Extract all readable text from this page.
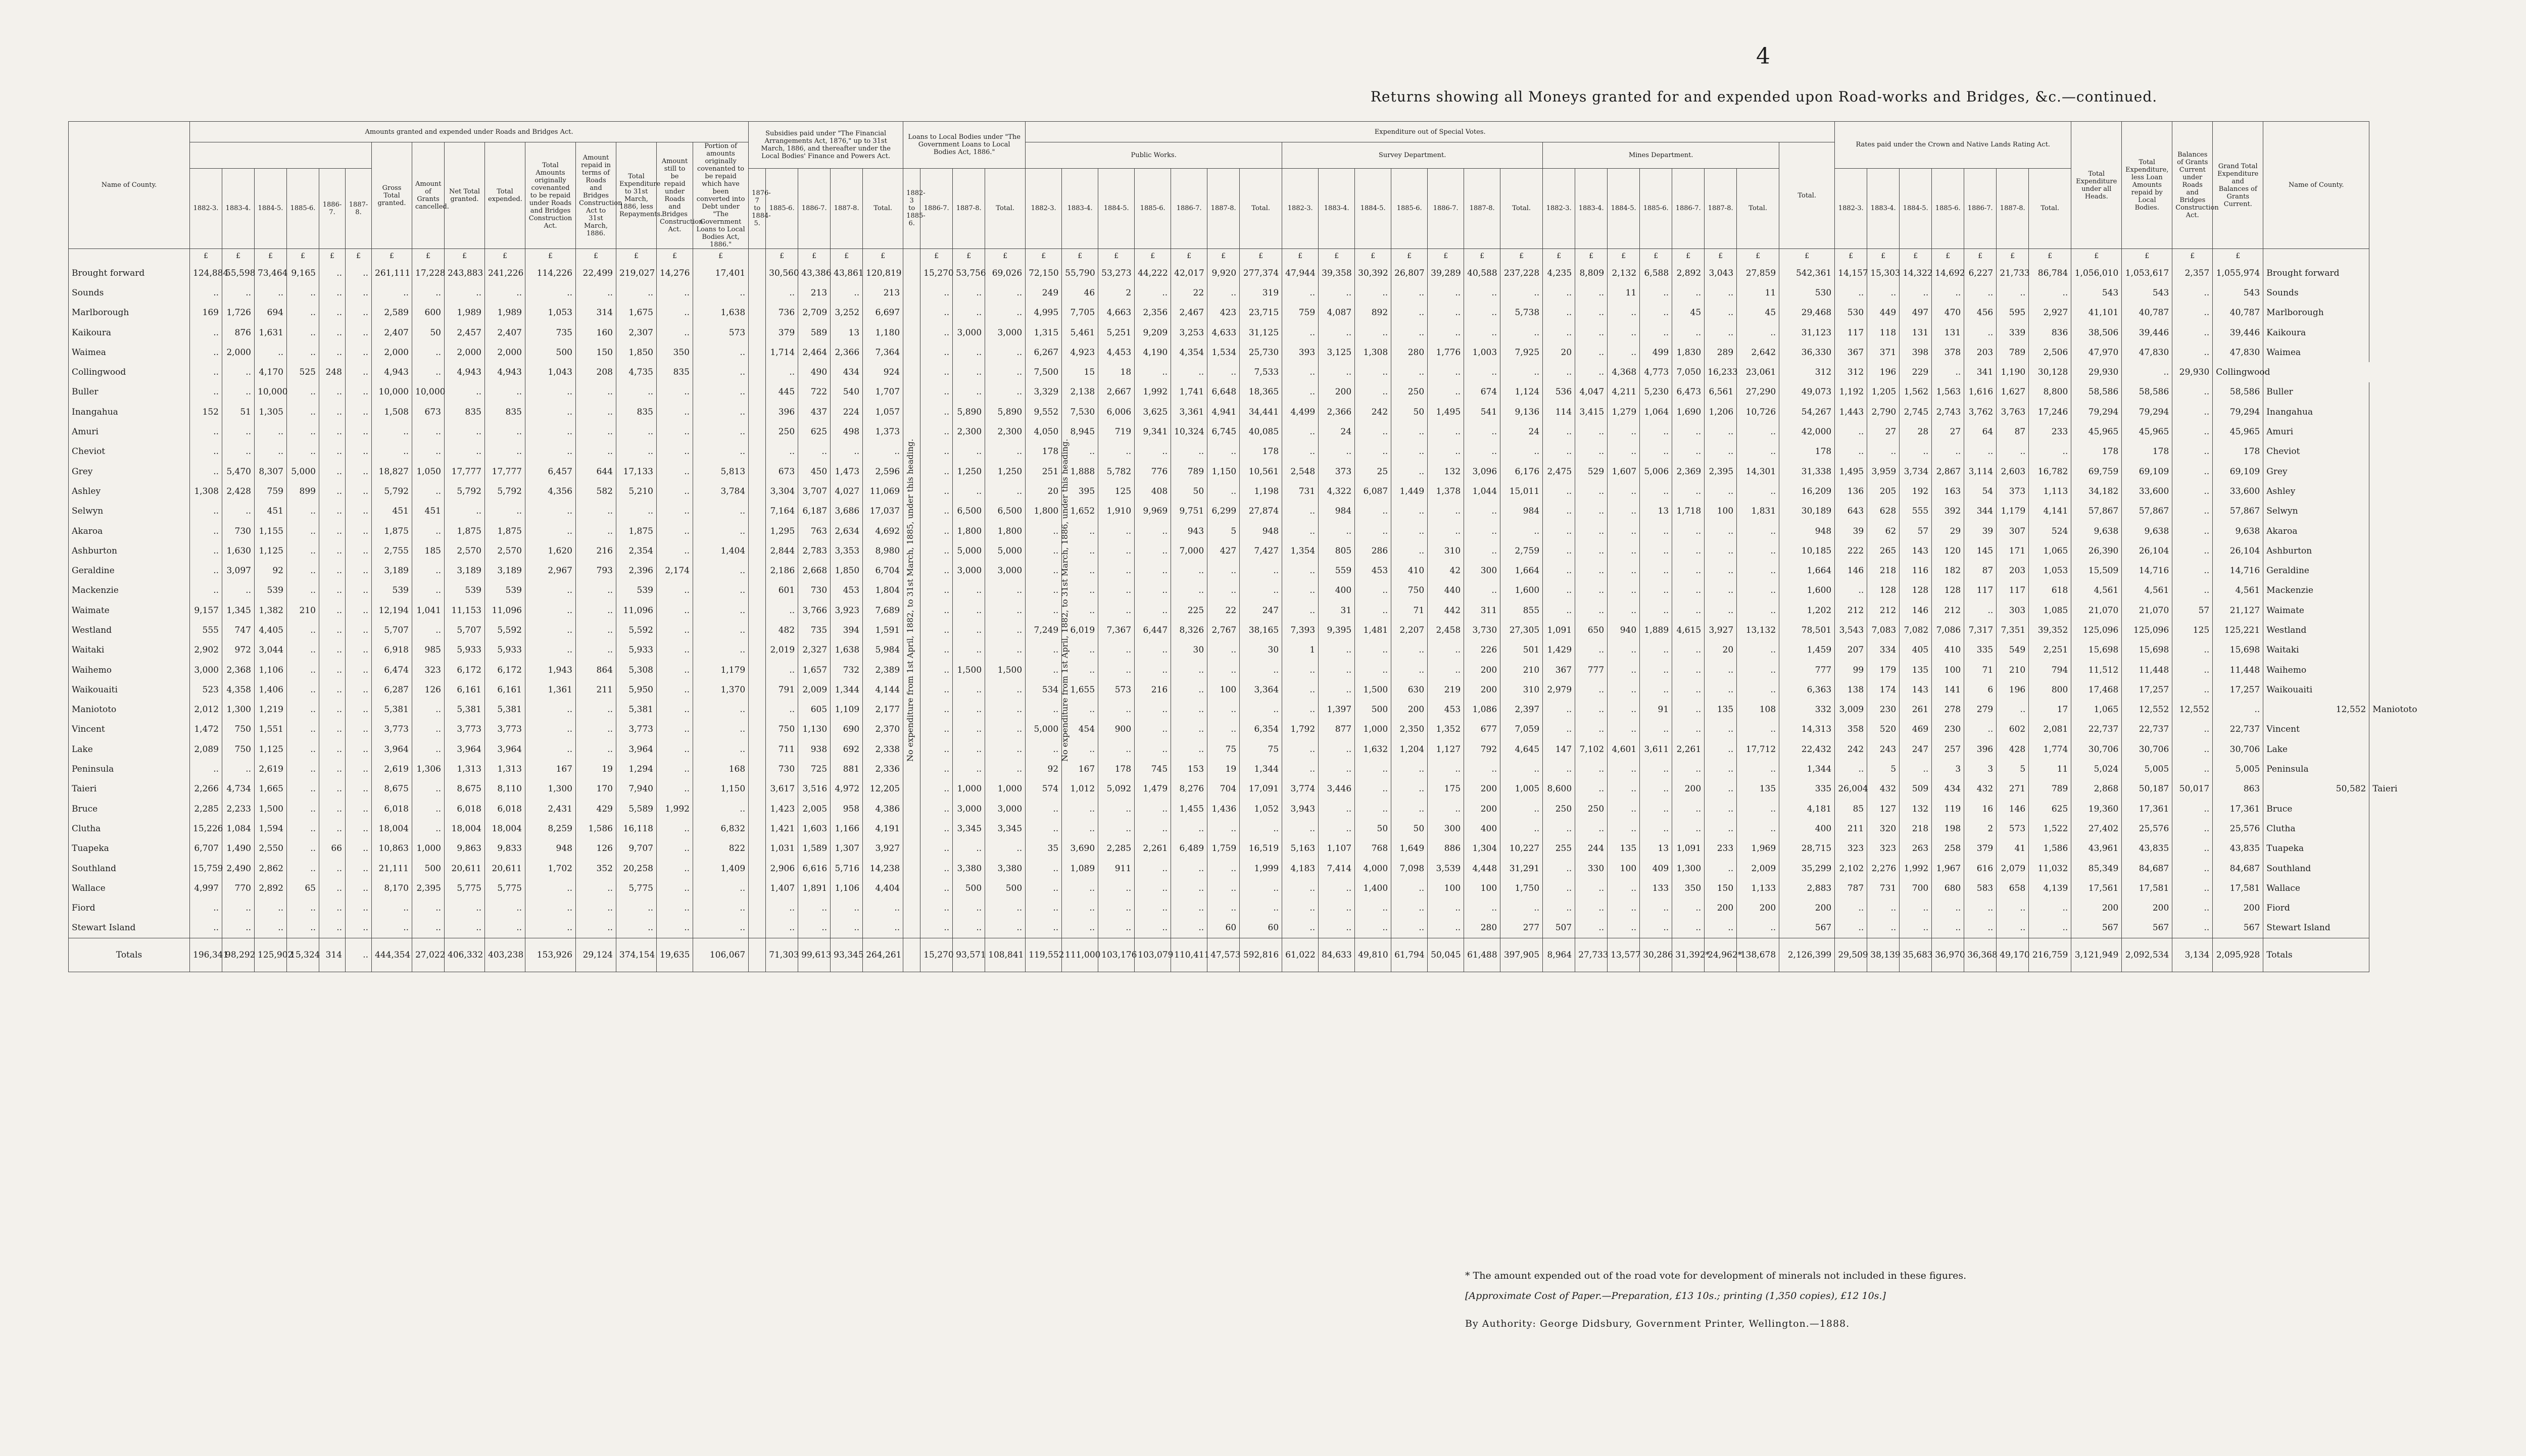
4
Returns showing all Moneys granted for and expended upon Road-works and Bridges, &c.—continued.
Name of County.	Amounts granted and expended under Roads and Bridges Act.															Subsidies paid under "The Financial Arrangements Act, 1876," up to 31st March, 1886, and thereafter under the Local Bodies' Finance and Powers Act.					Loans to Local Bodies under "The Government Loans to Local Bodies Act, 1886."				Expenditure out of Special Votes.																						Rates paid under the Crown and Native Lands Rating Act.							Total Expenditure under all Heads.	Total Expenditure, less Loan Amounts repaid by Local Bodies.	Balances of Grants Current under Roads and Bridges Construction Act.	Grand Total Expenditure and Balances of Grants Current.	Name of County.	
							Gross Total granted.	Amount of Grants cancelled.	Net Total granted.	Total expended.	Total Amounts originally covenanted to be repaid under Roads and Bridges Construction Act.	Amount repaid in terms of Roads and Bridges Construction Act to 31st March, 1886.	Total Expenditure to 31st March, 1886, less Repayments.	Amount still to be repaid under Roads and Bridges Construction Act.	Portion of amounts originally covenanted to be repaid which have been converted into Debt under "The Government Loans to Local Bodies Act, 1886."										Public Works.							Survey Department.							Mines Department.							Total.													
	1882-3.	1883-4.	1884-5.	1885-6.	1886-7.	1887-8.										1876-7 to 1884-5.	1885-6.	1886-7.	1887-8.	Total.	1882-3 to 1885-6.	1886-7.	1887-8.	Total.	1882-3.	1883-4.	1884-5.	1885-6.	1886-7.	1887-8.	Total.	1882-3.	1883-4.	1884-5.	1885-6.	1886-7.	1887-8.	Total.	1882-3.	1883-4.	1884-5.	1885-6.	1886-7.	1887-8.	Total.		1882-3.	1883-4.	1884-5.	1885-6.	1886-7.	1887-8.	Total.						
	£	£	£	£	£	£	£	£	£	£	£	£	£	£	£		£	£	£	£		£	£	£	£	£	£	£	£	£	£	£	£	£	£	£	£	£	£	£	£	£	£	£	£	£	£	£	£	£	£	£	£	£	£	£	£		
Brought forward	124,884	55,598	73,464	9,165	..	..	261,111	17,228	243,883	241,226	114,226	22,499	219,027	14,276	17,401	No expenditure from 1st April, 1882, to 31st March, 1885, under this heading.	30,560	43,386	43,861	120,819	No expenditure from 1st April, 1882, to 31st March, 1886, under this heading.	15,270	53,756	69,026	72,150	55,790	53,273	44,222	42,017	9,920	277,374	47,944	39,358	30,392	26,807	39,289	40,588	237,228	4,235	8,809	2,132	6,588	2,892	3,043	27,859	542,361	14,157	15,303	14,322	14,692	6,227	21,733	86,784	1,056,010	1,053,617	2,357	1,055,974	Brought forward	
Sounds	..	..	..	..	..	..	..	..	..	..	..	..	..	..	..		..	213	..	213		..	..	..	249	46	2	..	22	..	319	..	..	..	..	..	..	..	..	..	11	..	..	..	11	530	..	..	..	..	..	..	..	543	543	..	543	Sounds	
Marlborough	169	1,726	694	..	..	..	2,589	600	1,989	1,989	1,053	314	1,675	..	1,638		736	2,709	3,252	6,697		..	..	..	4,995	7,705	4,663	2,356	2,467	423	23,715	759	4,087	892	..	..	..	5,738	..	..	..	..	45	..	45	29,468	530	449	497	470	456	595	2,927	41,101	40,787	..	40,787	Marlborough	
Kaikoura	..	876	1,631	..	..	..	2,407	50	2,457	2,407	735	160	2,307	..	573		379	589	13	1,180		..	3,000	3,000	1,315	5,461	5,251	9,209	3,253	4,633	31,125	..	..	..	..	..	..	..	..	..	..	..	..	..	..	31,123	117	118	131	131	..	339	836	38,506	39,446	..	39,446	Kaikoura	
Waimea	..	2,000	..	..	..	..	2,000	..	2,000	2,000	500	150	1,850	350	..		1,714	2,464	2,366	7,364		..	..	..	6,267	4,923	4,453	4,190	4,354	1,534	25,730	393	3,125	1,308	280	1,776	1,003	7,925	20	..	..	499	1,830	289	2,642	36,330	367	371	398	378	203	789	2,506	47,970	47,830	..	47,830	Waimea	
Collingwood	..	..	4,170	525	248	..	4,943	..	4,943	4,943	1,043	208	4,735	835	..		..	490	434	924		..	..	..	7,500	15	18	..	..	..	7,533	..	..	..	..	..	..	..	..	..	4,368	4,773	7,050	16,233	23,061	312	312	196	229	..	341	1,190	30,128	29,930	..	29,930	Collingwood		
Buller	..	..	10,000	..	..	..	10,000	10,000	..	..	..	..	..	..	..		445	722	540	1,707		..	..	..	3,329	2,138	2,667	1,992	1,741	6,648	18,365	..	200	..	250	..	674	1,124	536	4,047	4,211	5,230	6,473	6,561	27,290	49,073	1,192	1,205	1,562	1,563	1,616	1,627	8,800	58,586	58,586	..	58,586	Buller	
Inangahua	152	51	1,305	..	..	..	1,508	673	835	835	..	..	835	..	..		396	437	224	1,057		..	5,890	5,890	9,552	7,530	6,006	3,625	3,361	4,941	34,441	4,499	2,366	242	50	1,495	541	9,136	114	3,415	1,279	1,064	1,690	1,206	10,726	54,267	1,443	2,790	2,745	2,743	3,762	3,763	17,246	79,294	79,294	..	79,294	Inangahua	
Amuri	..	..	..	..	..	..	..	..	..	..	..	..	..	..	..		250	625	498	1,373		..	2,300	2,300	4,050	8,945	719	9,341	10,324	6,745	40,085	..	24	..	..	..	..	24	..	..	..	..	..	..	..	42,000	..	27	28	27	64	87	233	45,965	45,965	..	45,965	Amuri	
Cheviot	..	..	..	..	..	..	..	..	..	..	..	..	..	..	..		..	..	..	..		..	..	..	178	..	..	..	..	..	178	..	..	..	..	..	..	..	..	..	..	..	..	..	..	178	..	..	..	..	..	..	..	178	178	..	178	Cheviot	
Grey	..	5,470	8,307	5,000	..	..	18,827	1,050	17,777	17,777	6,457	644	17,133	..	5,813		673	450	1,473	2,596		..	1,250	1,250	251	1,888	5,782	776	789	1,150	10,561	2,548	373	25	..	132	3,096	6,176	2,475	529	1,607	5,006	2,369	2,395	14,301	31,338	1,495	3,959	3,734	2,867	3,114	2,603	16,782	69,759	69,109	..	69,109	Grey	
Ashley	1,308	2,428	759	899	..	..	5,792	..	5,792	5,792	4,356	582	5,210	..	3,784		3,304	3,707	4,027	11,069		..	..	..	20	395	125	408	50	..	1,198	731	4,322	6,087	1,449	1,378	1,044	15,011	..	..	..	..	..	..	..	16,209	136	205	192	163	54	373	1,113	34,182	33,600	..	33,600	Ashley	
Selwyn	..	..	451	..	..	..	451	451	..	..	..	..	..	..	..		7,164	6,187	3,686	17,037		..	6,500	6,500	1,800	1,652	1,910	9,969	9,751	6,299	27,874	..	984	..	..	..	..	984	..	..	..	13	1,718	100	1,831	30,189	643	628	555	392	344	1,179	4,141	57,867	57,867	..	57,867	Selwyn	
Akaroa	..	730	1,155	..	..	..	1,875	..	1,875	1,875	..	..	1,875	..	..		1,295	763	2,634	4,692		..	1,800	1,800	..	..	..	..	943	5	948	..	..	..	..	..	..	..	..	..	..	..	..	..	..	948	39	62	57	29	39	307	524	9,638	9,638	..	9,638	Akaroa	
Ashburton	..	1,630	1,125	..	..	..	2,755	185	2,570	2,570	1,620	216	2,354	..	1,404		2,844	2,783	3,353	8,980		..	5,000	5,000	..	..	..	..	7,000	427	7,427	1,354	805	286	..	310	..	2,759	..	..	..	..	..	..	..	10,185	222	265	143	120	145	171	1,065	26,390	26,104	..	26,104	Ashburton	
Geraldine	..	3,097	92	..	..	..	3,189	..	3,189	3,189	2,967	793	2,396	2,174	..		2,186	2,668	1,850	6,704		..	3,000	3,000	..	..	..	..	..	..	..	..	559	453	410	42	300	1,664	..	..	..	..	..	..	..	1,664	146	218	116	182	87	203	1,053	15,509	14,716	..	14,716	Geraldine	
Mackenzie	..	..	539	..	..	..	539	..	539	539	..	..	539	..	..		601	730	453	1,804		..	..	..	..	..	..	..	..	..	..	..	400	..	750	440	..	1,600	..	..	..	..	..	..	..	1,600	..	128	128	128	117	117	618	4,561	4,561	..	4,561	Mackenzie	
Waimate	9,157	1,345	1,382	210	..	..	12,194	1,041	11,153	11,096	..	..	11,096	..	..		..	3,766	3,923	7,689		..	..	..	..	..	..	..	225	22	247	..	31	..	71	442	311	855	..	..	..	..	..	..	..	1,202	212	212	146	212	..	303	1,085	21,070	21,070	57	21,127	Waimate	
Westland	555	747	4,405	..	..	..	5,707	..	5,707	5,592	..	..	5,592	..	..		482	735	394	1,591		..	..	..	7,249	6,019	7,367	6,447	8,326	2,767	38,165	7,393	9,395	1,481	2,207	2,458	3,730	27,305	1,091	650	940	1,889	4,615	3,927	13,132	78,501	3,543	7,083	7,082	7,086	7,317	7,351	39,352	125,096	125,096	125	125,221	Westland	
Waitaki	2,902	972	3,044	..	..	..	6,918	985	5,933	5,933	..	..	5,933	..	..		2,019	2,327	1,638	5,984		..	..	..	..	..	..	..	30	..	30	1	..	..	..	..	226	501	1,429	..	..	..	..	20	..	1,459	207	334	405	410	335	549	2,251	15,698	15,698	..	15,698	Waitaki	
Waihemo	3,000	2,368	1,106	..	..	..	6,474	323	6,172	6,172	1,943	864	5,308	..	1,179		..	1,657	732	2,389		..	1,500	1,500	..	..	..	..	..	..	..	..	..	..	..	..	200	210	367	777	..	..	..	..	..	777	99	179	135	100	71	210	794	11,512	11,448	..	11,448	Waihemo	
Waikouaiti	523	4,358	1,406	..	..	..	6,287	126	6,161	6,161	1,361	211	5,950	..	1,370		791	2,009	1,344	4,144		..	..	..	534	1,655	573	216	..	100	3,364	..	..	1,500	630	219	200	310	2,979	..	..	..	..	..	..	6,363	138	174	143	141	6	196	800	17,468	17,257	..	17,257	Waikouaiti	
Maniototo	2,012	1,300	1,219	..	..	..	5,381	..	5,381	5,381	..	..	5,381	..	..		..	605	1,109	2,177		..	..	..	..	..	..	..	..	..	..	..	1,397	500	200	453	1,086	2,397	..	..	..	91	..	135	108	332	3,009	230	261	278	279	..	17	1,065	12,552	12,552	..	12,552	Maniototo
Vincent	1,472	750	1,551	..	..	..	3,773	..	3,773	3,773	..	..	3,773	..	..		750	1,130	690	2,370		..	..	..	5,000	454	900	..	..	..	6,354	1,792	877	1,000	2,350	1,352	677	7,059	..	..	..	..	..	..	..	14,313	358	520	469	230	..	602	2,081	22,737	22,737	..	22,737	Vincent	
Lake	2,089	750	1,125	..	..	..	3,964	..	3,964	3,964	..	..	3,964	..	..		711	938	692	2,338		..	..	..	..	..	..	..	..	75	75	..	..	1,632	1,204	1,127	792	4,645	147	7,102	4,601	3,611	2,261	..	17,712	22,432	242	243	247	257	396	428	1,774	30,706	30,706	..	30,706	Lake	
Peninsula	..	..	2,619	..	..	..	2,619	1,306	1,313	1,313	167	19	1,294	..	168		730	725	881	2,336		..	..	..	92	167	178	745	153	19	1,344	..	..	..	..	..	..	..	..	..	..	..	..	..	..	1,344	..	5	..	3	3	5	11	5,024	5,005	..	5,005	Peninsula	
Taieri	2,266	4,734	1,665	..	..	..	8,675	..	8,675	8,110	1,300	170	7,940	..	1,150		3,617	3,516	4,972	12,205		..	1,000	1,000	574	1,012	5,092	1,479	8,276	704	17,091	3,774	3,446	..	..	175	200	1,005	8,600	..	..	..	200	..	135	335	26,004	432	509	434	432	271	789	2,868	50,187	50,017	863	50,582	Taieri
Bruce	2,285	2,233	1,500	..	..	..	6,018	..	6,018	6,018	2,431	429	5,589	1,992	..		1,423	2,005	958	4,386		..	3,000	3,000	..	..	..	..	1,455	1,436	1,052	3,943	..	..	..	..	200	..	250	250	..	..	..	..	..	4,181	85	127	132	119	16	146	625	19,360	17,361	..	17,361	Bruce	
Clutha	15,226	1,084	1,594	..	..	..	18,004	..	18,004	18,004	8,259	1,586	16,118	..	6,832		1,421	1,603	1,166	4,191		..	3,345	3,345	..	..	..	..	..	..	..	..	..	50	50	300	400	..	..	..	..	..	..	..	..	400	211	320	218	198	2	573	1,522	27,402	25,576	..	25,576	Clutha	
Tuapeka	6,707	1,490	2,550	..	66	..	10,863	1,000	9,863	9,833	948	126	9,707	..	822		1,031	1,589	1,307	3,927		..	..	..	35	3,690	2,285	2,261	6,489	1,759	16,519	5,163	1,107	768	1,649	886	1,304	10,227	255	244	135	13	1,091	233	1,969	28,715	323	323	263	258	379	41	1,586	43,961	43,835	..	43,835	Tuapeka	
Southland	15,759	2,490	2,862	..	..	..	21,111	500	20,611	20,611	1,702	352	20,258	..	1,409		2,906	6,616	5,716	14,238		..	3,380	3,380	..	1,089	911	..	..	..	1,999	4,183	7,414	4,000	7,098	3,539	4,448	31,291	..	330	100	409	1,300	..	2,009	35,299	2,102	2,276	1,992	1,967	616	2,079	11,032	85,349	84,687	..	84,687	Southland	
Wallace	4,997	770	2,892	65	..	..	8,170	2,395	5,775	5,775	..	..	5,775	..	..		1,407	1,891	1,106	4,404		..	500	500	..	..	..	..	..	..	..	..	..	1,400	..	100	100	1,750	..	..	..	133	350	150	1,133	2,883	787	731	700	680	583	658	4,139	17,561	17,581	..	17,581	Wallace	
Fiord	..	..	..	..	..	..	..	..	..	..	..	..	..	..	..		..	..	..	..		..	..	..	..	..	..	..	..	..	..	..	..	..	..	..	..	..	..	..	..	..	..	200	200	200	..	..	..	..	..	..	..	200	200	..	200	Fiord	
Stewart Island	..	..	..	..	..	..	..	..	..	..	..	..	..	..	..		..	..	..	..		..	..	..	..	..	..	..	..	60	60	..	..	..	..	..	280	277	507	..	..	..	..	..	..	567	..	..	..	..	..	..	..	567	567	..	567	Stewart Island	
Totals	196,341	98,292	125,902	15,324	314	..	444,354	27,022	406,332	403,238	153,926	29,124	374,154	19,635	106,067		71,303	99,613	93,345	264,261		15,270	93,571	108,841	119,552	111,000	103,176	103,079	110,411	47,573	592,816	61,022	84,633	49,810	61,794	50,045	61,488	397,905	8,964	27,733	13,577	30,286	31,392*	24,962*	138,678	2,126,399	29,509	38,139	35,683	36,970	36,368	49,170	216,759	3,121,949	2,092,534	3,134	2,095,928	Totals	
* The amount expended out of the road vote for development of minerals not included in these figures.
[Approximate Cost of Paper.—Preparation, £13 10s.; printing (1,350 copies), £12 10s.]
By Authority: George Didsbury, Government Printer, Wellington.—1888.
